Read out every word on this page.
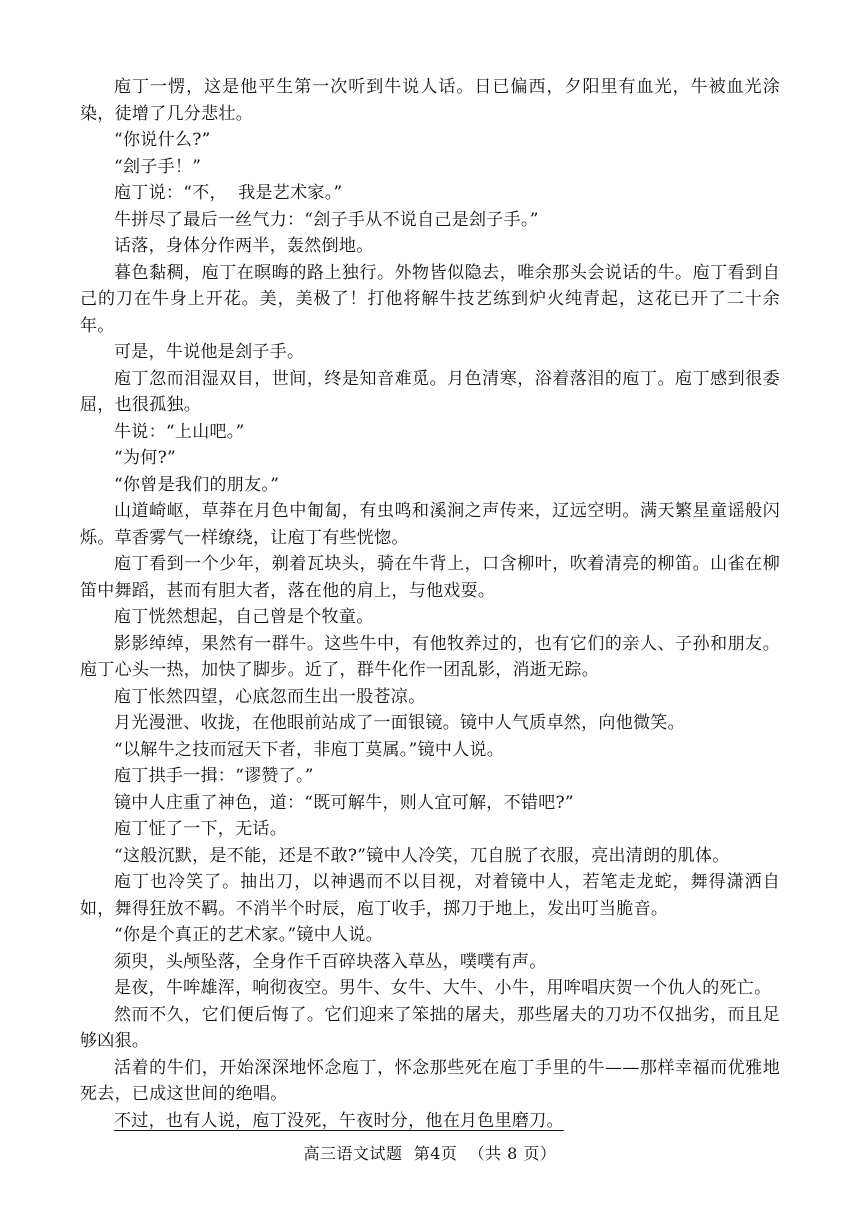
庖丁一愣，这是他平生第一次听到牛说人话。日已偏西，夕阳里有血光，牛被血光涂染，徒增了几分悲壮。

“你说什么?”

“刽子手！”

庖丁说：“不，  我是艺术家。”

牛拼尽了最后一丝气力：“刽子手从不说自己是刽子手。”

话落，身体分作两半，轰然倒地。

暮色黏稠，庖丁在暝晦的路上独行。外物皆似隐去，唯余那头会说话的牛。庖丁看到自己的刀在牛身上开花。美，美极了！打他将解牛技艺练到炉火纯青起，这花已开了二十余年。

可是，牛说他是刽子手。

庖丁忽而泪湿双目，世间，终是知音难觅。月色清寒，浴着落泪的庖丁。庖丁感到很委屈，也很孤独。

牛说：“上山吧。”

“为何?”

“你曾是我们的朋友。”

山道崎岖，草莽在月色中匍匐，有虫鸣和溪涧之声传来，辽远空明。满天繁星童谣般闪烁。草香雾气一样缭绕，让庖丁有些恍惚。

庖丁看到一个少年，剃着瓦块头，骑在牛背上，口含柳叶，吹着清亮的柳笛。山雀在柳笛中舞蹈，甚而有胆大者，落在他的肩上，与他戏耍。

庖丁恍然想起，自己曾是个牧童。

影影绰绰，果然有一群牛。这些牛中，有他牧养过的，也有它们的亲人、子孙和朋友。庖丁心头一热，加快了脚步。近了，群牛化作一团乱影，消逝无踪。

庖丁怅然四望，心底忽而生出一股苍凉。

月光漫泄、收拢，在他眼前站成了一面银镜。镜中人气质卓然，向他微笑。

“以解牛之技而冠天下者，非庖丁莫属。”镜中人说。

庖丁拱手一揖：“谬赞了。”

镜中人庄重了神色，道：“既可解牛，则人宜可解，不错吧?”

庖丁怔了一下，无话。

“这般沉默，是不能，还是不敢?”镜中人冷笑，兀自脱了衣服，亮出清朗的肌体。

庖丁也冷笑了。抽出刀，以神遇而不以目视，对着镜中人，若笔走龙蛇，舞得潇洒自如，舞得狂放不羁。不消半个时辰，庖丁收手，掷刀于地上，发出叮当脆音。

“你是个真正的艺术家。”镜中人说。

须臾，头颅坠落，全身作千百碎块落入草丛，噗噗有声。

是夜，牛哞雄浑，响彻夜空。男牛、女牛、大牛、小牛，用哞唱庆贺一个仇人的死亡。

然而不久，它们便后悔了。它们迎来了笨拙的屠夫，那些屠夫的刀功不仅拙劣，而且足够凶狠。

活着的牛们，开始深深地怀念庖丁，怀念那些死在庖丁手里的牛——那样幸福而优雅地死去，已成这世间的绝唱。

不过，也有人说，庖丁没死，午夜时分，他在月色里磨刀。

高三语文试题  第4页  （共 8 页）
